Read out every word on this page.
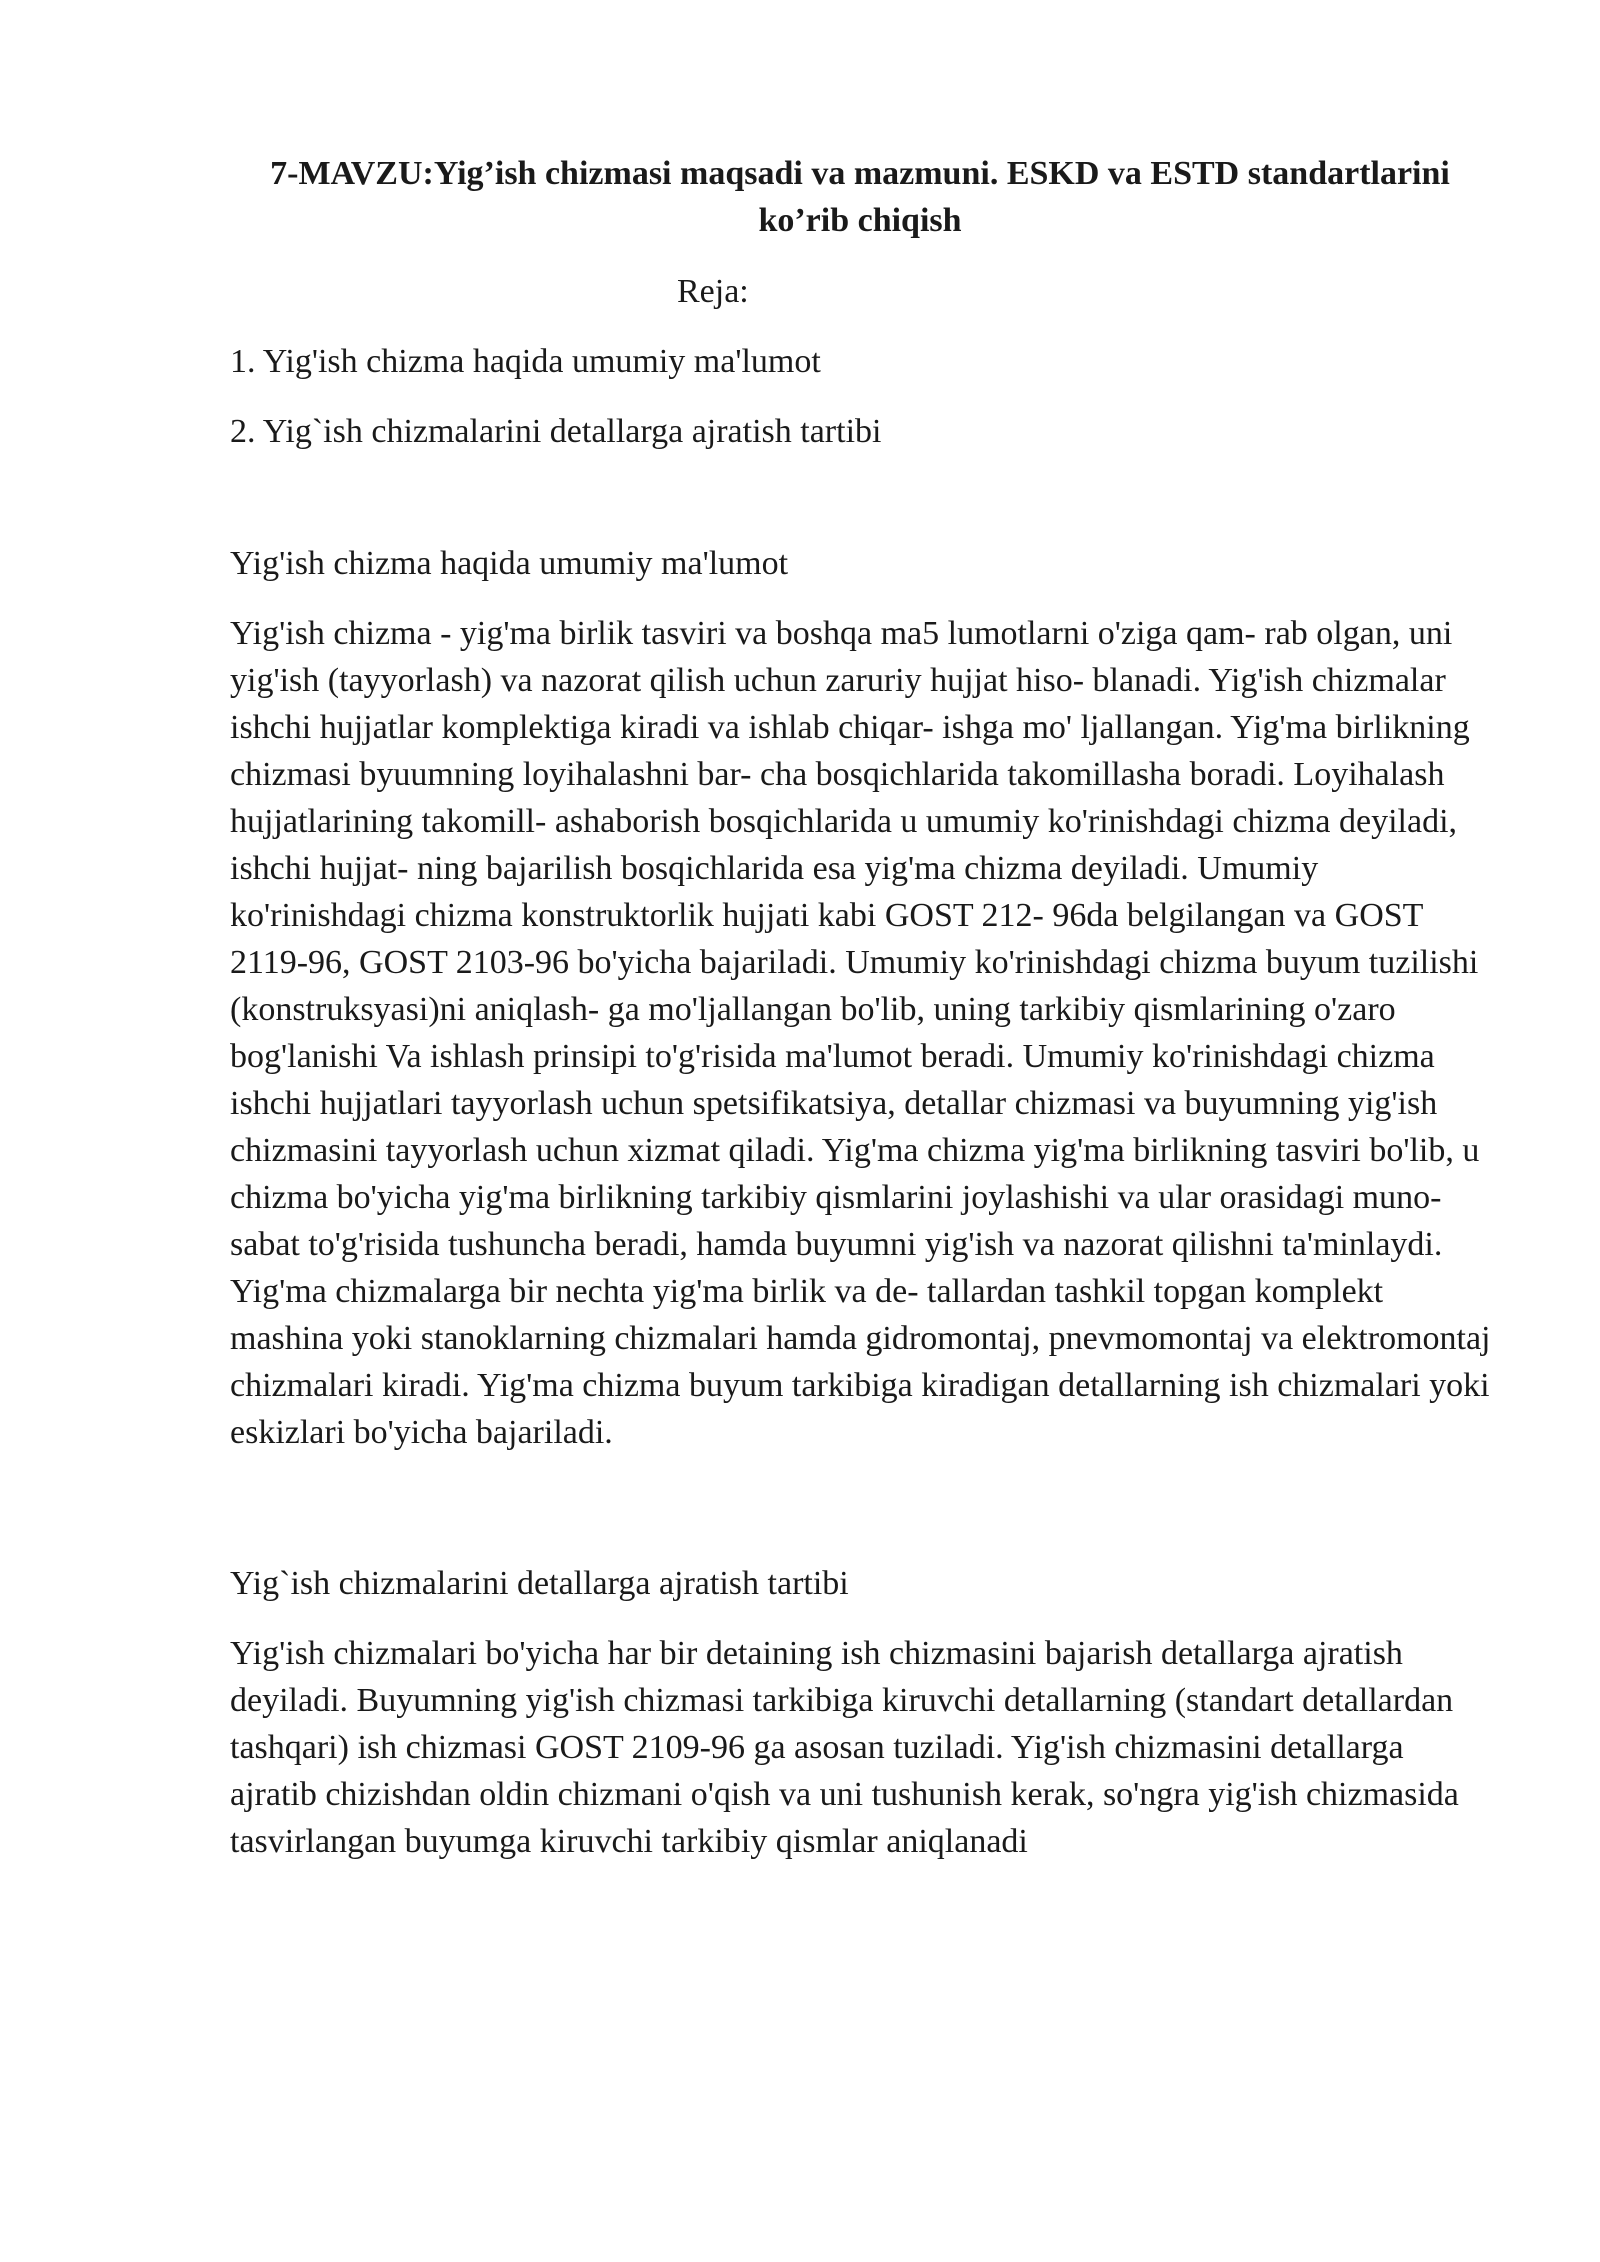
7-MAVZU:Yig’ish chizmasi maqsadi va mazmuni. ESKD va ESTD standartlarini ko’rib chiqish
Reja:

1. Yig'ish chizma haqida umumiy ma'lumot

2. Yig`ish chizmalarini detallarga ajratish tartibi

Yig'ish chizma haqida umumiy ma'lumot

Yig'ish chizma - yig'ma birlik tasviri va boshqa ma5 lumotlarni o'ziga qam- rab olgan, uni yig'ish (tayyorlash) va nazorat qilish uchun zaruriy hujjat hiso- blanadi. Yig'ish chizmalar ishchi hujjatlar komplektiga kiradi va ishlab chiqar- ishga mo' ljallangan. Yig'ma birlikning chizmasi byuumning loyihalashni bar- cha bosqichlarida takomillasha boradi. Loyihalash hujjatlarining takomill- ashaborish bosqichlarida u umumiy ko'rinishdagi chizma deyiladi, ishchi hujjat- ning bajarilish bosqichlarida esa yig'ma chizma deyiladi. Umumiy ko'rinishdagi chizma konstruktorlik hujjati kabi GOST 212- 96da belgilangan va GOST 2119-96, GOST 2103-96 bo'yicha bajariladi. Umumiy ko'rinishdagi chizma buyum tuzilishi (konstruksyasi)ni aniqlash- ga mo'ljallangan bo'lib, uning tarkibiy qismlarining o'zaro bog'lanishi Va ishlash prinsipi to'g'risida ma'lumot beradi. Umumiy ko'rinishdagi chizma ishchi hujjatlari tayyorlash uchun spetsifikatsiya, detallar chizmasi va buyumning yig'ish chizmasini tayyorlash uchun xizmat qiladi. Yig'ma chizma yig'ma birlikning tasviri bo'lib, u chizma bo'yicha yig'ma birlikning tarkibiy qismlarini joylashishi va ular orasidagi muno- sabat to'g'risida tushuncha beradi, hamda buyumni yig'ish va nazorat qilishni ta'minlaydi. Yig'ma chizmalarga bir nechta yig'ma birlik va de- tallardan tashkil topgan komplekt mashina yoki stanoklarning chizmalari hamda gidromontaj, pnevmomontaj va elektromontaj chizmalari kiradi. Yig'ma chizma buyum tarkibiga kiradigan detallarning ish chizmalari yoki eskizlari bo'yicha bajariladi.

Yig`ish chizmalarini detallarga ajratish tartibi

Yig'ish chizmalari bo'yicha har bir detaining ish chizmasini bajarish detallarga ajratish deyiladi. Buyumning yig'ish chizmasi tarkibiga kiruvchi detallarning (standart detallardan tashqari) ish chizmasi GOST 2109-96 ga asosan tuziladi. Yig'ish chizmasini detallarga ajratib chizishdan oldin chizmani o'qish va uni tushunish kerak, so'ngra yig'ish chizmasida tasvirlangan buyumga kiruvchi tarkibiy qismlar aniqlanadi
